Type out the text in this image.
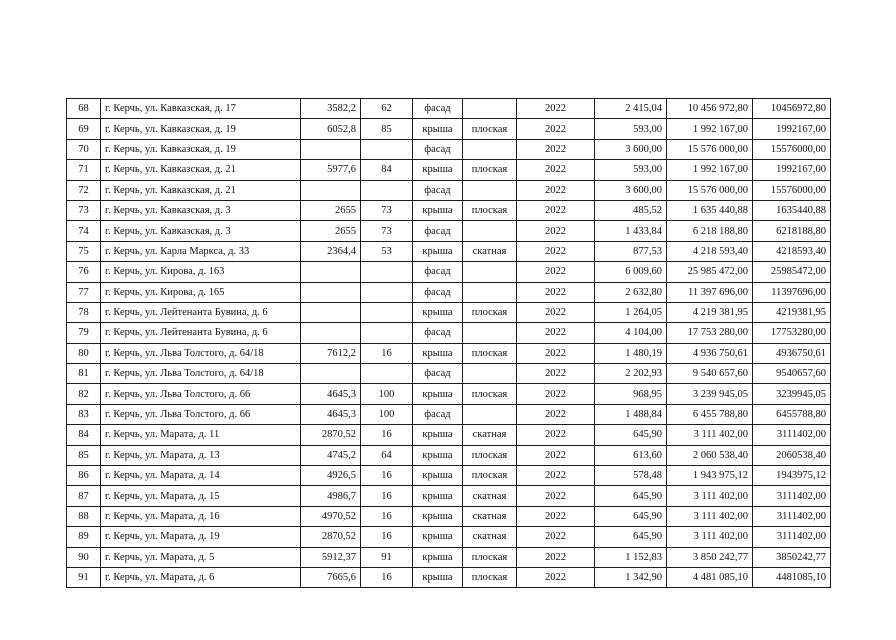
68	г. Керчь, ул. Кавказская, д. 17	3582,2	62	фасад		2022	2 415,04	10 456 972,80	10456972,80
69	г. Керчь, ул. Кавказская, д. 19	6052,8	85	крыша	плоская	2022	593,00	1 992 167,00	1992167,00
70	г. Керчь, ул. Кавказская, д. 19			фасад		2022	3 600,00	15 576 000,00	15576000,00
71	г. Керчь, ул. Кавказская, д. 21	5977,6	84	крыша	плоская	2022	593,00	1 992 167,00	1992167,00
72	г. Керчь, ул. Кавказская, д. 21			фасад		2022	3 600,00	15 576 000,00	15576000,00
73	г. Керчь, ул. Кавказская, д. 3	2655	73	крыша	плоская	2022	485,52	1 635 440,88	1635440,88
74	г. Керчь, ул. Кавказская, д. 3	2655	73	фасад		2022	1 433,84	6 218 188,80	6218188,80
75	г. Керчь, ул. Карла Маркса, д. 33	2364,4	53	крыша	скатная	2022	877,53	4 218 593,40	4218593,40
76	г. Керчь, ул. Кирова, д. 163			фасад		2022	6 009,60	25 985 472,00	25985472,00
77	г. Керчь, ул. Кирова, д. 165			фасад		2022	2 632,80	11 397 696,00	11397696,00
78	г. Керчь, ул. Лейтенанта Бувина, д. 6			крыша	плоская	2022	1 264,05	4 219 381,95	4219381,95
79	г. Керчь, ул. Лейтенанта Бувина, д. 6			фасад		2022	4 104,00	17 753 280,00	17753280,00
80	г. Керчь, ул. Льва Толстого, д. 64/18	7612,2	16	крыша	плоская	2022	1 480,19	4 936 750,61	4936750,61
81	г. Керчь, ул. Льва Толстого, д. 64/18			фасад		2022	2 202,93	9 540 657,60	9540657,60
82	г. Керчь, ул. Льва Толстого, д. 66	4645,3	100	крыша	плоская	2022	968,95	3 239 945,05	3239945,05
83	г. Керчь, ул. Льва Толстого, д. 66	4645,3	100	фасад		2022	1 488,84	6 455 788,80	6455788,80
84	г. Керчь, ул. Марата, д. 11	2870,52	16	крыша	скатная	2022	645,90	3 111 402,00	3111402,00
85	г. Керчь, ул. Марата, д. 13	4745,2	64	крыша	плоская	2022	613,60	2 060 538,40	2060538,40
86	г. Керчь, ул. Марата, д. 14	4926,5	16	крыша	плоская	2022	578,48	1 943 975,12	1943975,12
87	г. Керчь, ул. Марата, д. 15	4986,7	16	крыша	скатная	2022	645,90	3 111 402,00	3111402,00
88	г. Керчь, ул. Марата, д. 16	4970,52	16	крыша	скатная	2022	645,90	3 111 402,00	3111402,00
89	г. Керчь, ул. Марата, д. 19	2870,52	16	крыша	скатная	2022	645,90	3 111 402,00	3111402,00
90	г. Керчь, ул. Марата, д. 5	5912,37	91	крыша	плоская	2022	1 152,83	3 850 242,77	3850242,77
91	г. Керчь, ул. Марата, д. 6	7665,6	16	крыша	плоская	2022	1 342,90	4 481 085,10	4481085,10
